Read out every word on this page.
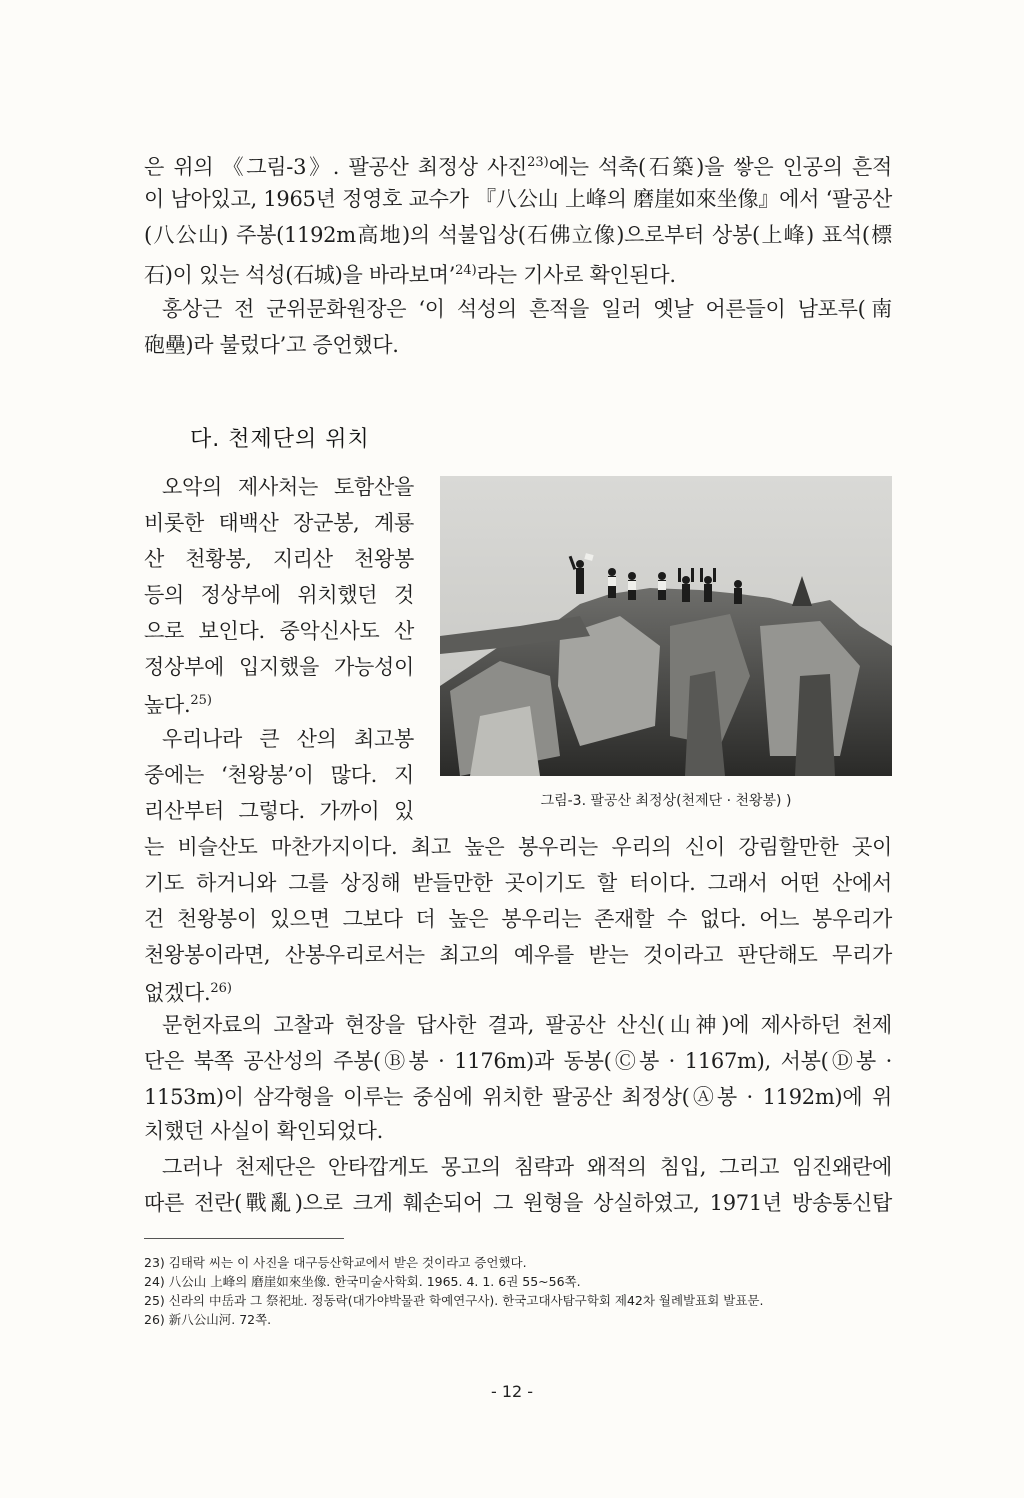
은 위의 《그림-3》. 팔공산 최정상 사진$^{23)}$에는 석축(石築)을 쌓은 인공의 흔적
이 남아있고, 1965년 정영호 교수가 『八公山 上峰의 磨崖如來坐像』에서 ‘팔공산
(八公山) 주봉(1192m高地)의 석불입상(石佛立像)으로부터 상봉(上峰) 표석(標
石)이 있는 석성(石城)을 바라보며’$^{24)}$라는 기사로 확인된다.
홍상근 전 군위문화원장은 ‘이 석성의 흔적을 일러 옛날 어른들이 남포루(南
砲壘)라 불렀다’고 증언했다.
다. 천제단의 위치
오악의 제사처는 토함산을
비롯한 태백산 장군봉, 계룡
산 천황봉, 지리산 천왕봉
등의 정상부에 위치했던 것
으로 보인다. 중악신사도 산
정상부에 입지했을 가능성이
높다.$^{25)}$
우리나라 큰 산의 최고봉
중에는 ‘천왕봉’이 많다. 지
리산부터 그렇다. 가까이 있	그림-3. 팔공산 최정상(천제단 · 천왕봉) )
는 비슬산도 마찬가지이다. 최고 높은 봉우리는 우리의 신이 강림할만한 곳이
기도 하거니와 그를 상징해 받들만한 곳이기도 할 터이다. 그래서 어떤 산에서
건 천왕봉이 있으면 그보다 더 높은 봉우리는 존재할 수 없다. 어느 봉우리가
천왕봉이라면, 산봉우리로서는 최고의 예우를 받는 것이라고 판단해도 무리가
없겠다.$^{26)}$
문헌자료의 고찰과 현장을 답사한 결과, 팔공산 산신(山神)에 제사하던 천제
단은 북쪽 공산성의 주봉(Ⓑ봉 · 1176m)과 동봉(Ⓒ봉 · 1167m), 서봉(Ⓓ봉 ·
1153m)이 삼각형을 이루는 중심에 위치한 팔공산 최정상(Ⓐ봉 · 1192m)에 위
치했던 사실이 확인되었다.
그러나 천제단은 안타깝게도 몽고의 침략과 왜적의 침입, 그리고 임진왜란에
따른 전란(戰亂)으로 크게 훼손되어 그 원형을 상실하였고, 1971년 방송통신탑
23) 김태락 씨는 이 사진을 대구등산학교에서 받은 것이라고 증언했다.
24) 八公山 上峰의 磨崖如來坐像. 한국미술사학회. 1965. 4. 1. 6권 55~56쪽.
25) 신라의 中岳과 그 祭祀址. 정동락(대가야박물관 학예연구사). 한국고대사탐구학회 제42차 월례발표회 발표문.
26) 新八公山河. 72쪽.
- 12 -
